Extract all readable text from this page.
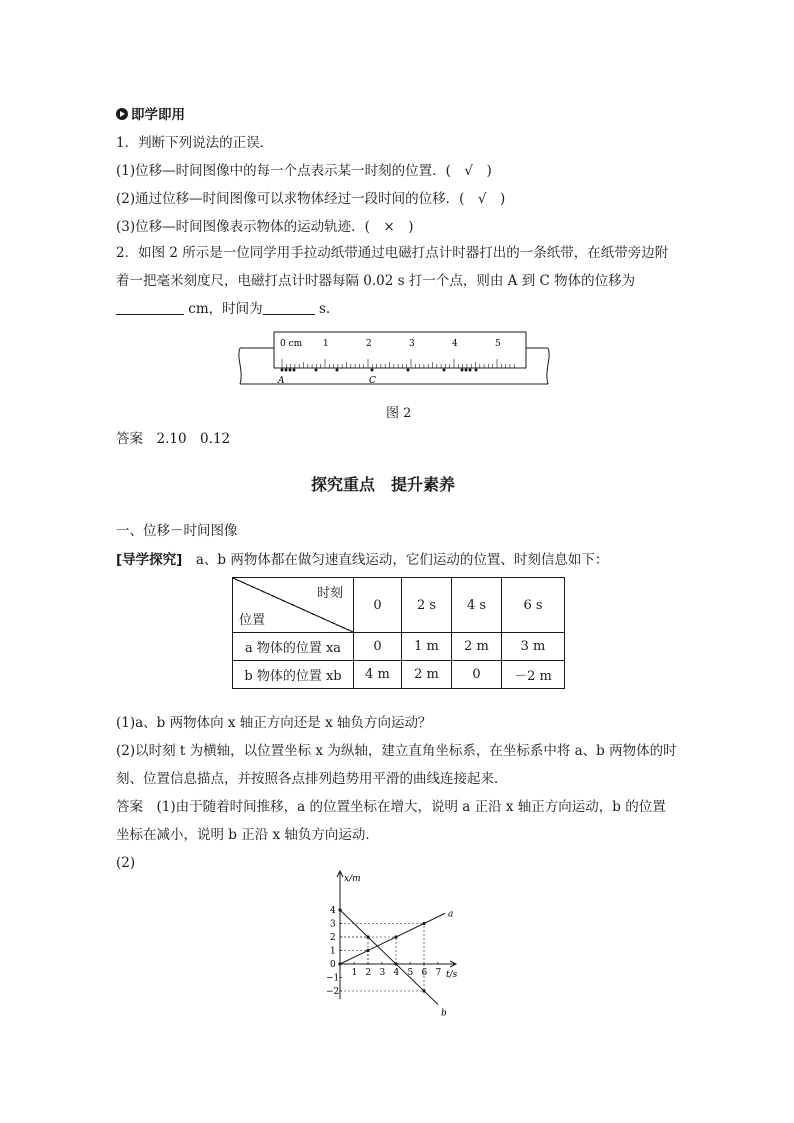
即学即用
1．判断下列说法的正误．
(1)位移—时间图像中的每一个点表示某一时刻的位置．(　√　)
(2)通过位移—时间图像可以求物体经过一段时间的位移．(　√　)
(3)位移—时间图像表示物体的运动轨迹．(　×　)
2．如图 2 所示是一位同学用手拉动纸带通过电磁打点计时器打出的一条纸带，在纸带旁边附
着一把毫米刻度尺，电磁打点计时器每隔 0.02 s 打一个点，则由 A 到 C 物体的位移为
cm，时间为	s.
0 cm 1	2	3	4	5
A	C
图 2
答案　 2.10　0.12
探究重点　提升素养
一、位移－时间图像
[导学探究]　 a、b 两物体都在做匀速直线运动，它们运动的位置、时刻信息如下：
时刻
位置	0	2 s	4 s	6 s
a 物体的位置 xa	0	1 m	2 m	3 m
b 物体的位置 xb	4 m	2 m	0	－2 m
(1)a、b 两物体向 x 轴正方向还是 x 轴负方向运动？
(2)以时刻 t 为横轴，以位置坐标 x 为纵轴，建立直角坐标系，在坐标系中将 a、b 两物体的时
刻、位置信息描点，并按照各点排列趋势用平滑的曲线连接起来．
答案　 (1)由于随着时间推移，a 的位置坐标在增大，说明 a 正沿 x 轴正方向运动，b 的位置
坐标在减小，说明 b 正沿 x 轴负方向运动．
(2)
x/m
t/s
1 2 3 4 5 6 7
4
3
2
1
0
−1
−2
a
b
